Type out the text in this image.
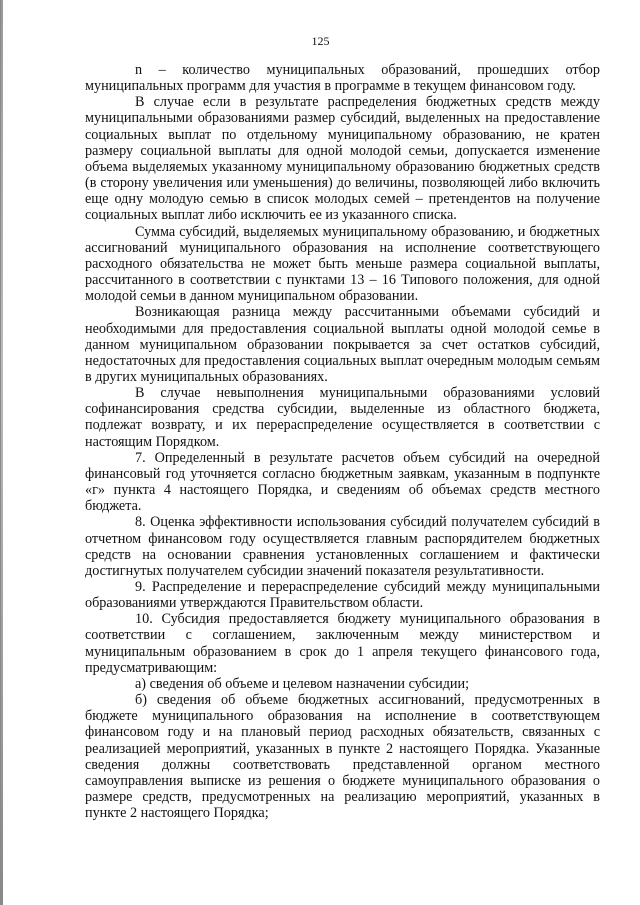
125

n – количество муниципальных образований, прошедших отбор муниципальных программ для участия в программе в текущем финансовом году.

В случае если в результате распределения бюджетных средств между муниципальными образованиями размер субсидий, выделенных на предоставление социальных выплат по отдельному муниципальному образованию, не кратен размеру социальной выплаты для одной молодой семьи, допускается изменение объема выделяемых указанному муниципальному образованию бюджетных средств (в сторону увеличения или уменьшения) до величины, позволяющей либо включить еще одну молодую семью в список молодых семей – претендентов на получение социальных выплат либо исключить ее из указанного списка.

Сумма субсидий, выделяемых муниципальному образованию, и бюджетных ассигнований муниципального образования на исполнение соответствующего расходного обязательства не может быть меньше размера социальной выплаты, рассчитанного в соответствии с пунктами 13 – 16 Типового положения, для одной молодой семьи в данном муниципальном образовании.

Возникающая разница между рассчитанными объемами субсидий и необходимыми для предоставления социальной выплаты одной молодой семье в данном муниципальном образовании покрывается за счет остатков субсидий, недостаточных для предоставления социальных выплат очередным молодым семьям в других муниципальных образованиях.

В случае невыполнения муниципальными образованиями условий софинансирования средства субсидии, выделенные из областного бюджета, подлежат возврату, и их перераспределение осуществляется в соответствии с настоящим Порядком.

7. Определенный в результате расчетов объем субсидий на очередной финансовый год уточняется согласно бюджетным заявкам, указанным в подпункте «г» пункта 4 настоящего Порядка, и сведениям об объемах средств местного бюджета.

8. Оценка эффективности использования субсидий получателем субсидий в отчетном финансовом году осуществляется главным распорядителем бюджетных средств на основании сравнения установленных соглашением и фактически достигнутых получателем субсидии значений показателя результативности.

9. Распределение и перераспределение субсидий между муниципальными образованиями утверждаются Правительством области.

10. Субсидия предоставляется бюджету муниципального образования в соответствии с соглашением, заключенным между министерством и муниципальным образованием в срок до 1 апреля текущего финансового года, предусматривающим:

а) сведения об объеме и целевом назначении субсидии;

б) сведения об объеме бюджетных ассигнований, предусмотренных в бюджете муниципального образования на исполнение в соответствующем финансовом году и на плановый период расходных обязательств, связанных с реализацией мероприятий, указанных в пункте 2 настоящего Порядка. Указанные сведения должны соответствовать представленной органом местного самоуправления выписке из решения о бюджете муниципального образования о размере средств, предусмотренных на реализацию мероприятий, указанных в пункте 2 настоящего Порядка;
